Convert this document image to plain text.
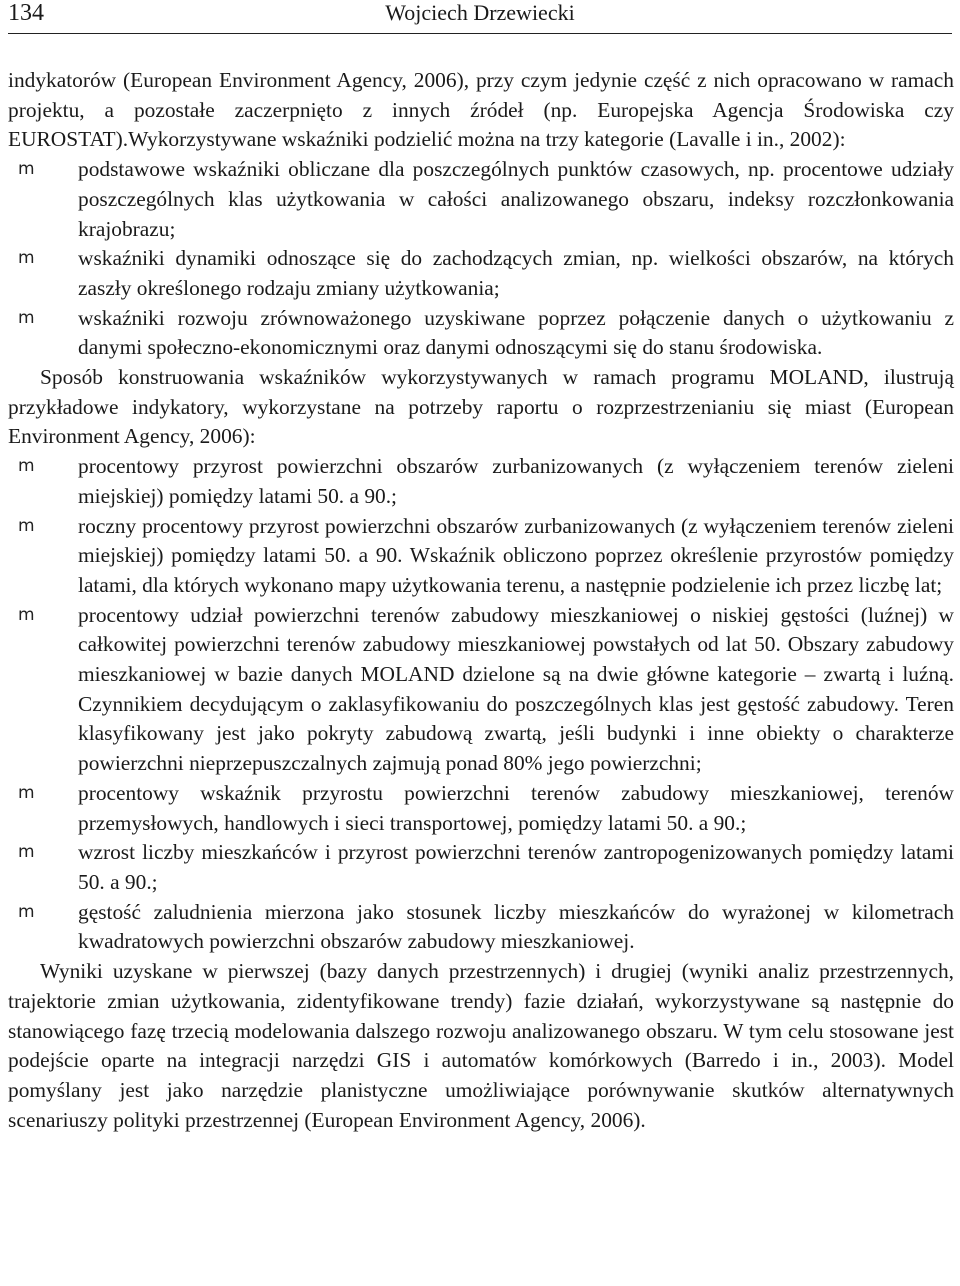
134	Wojciech Drzewiecki

indykatorów (European Environment Agency, 2006), przy czym jedynie część z nich opracowano w ramach projektu, a pozostałe zaczerpnięto z innych źródeł (np. Europejska Agencja Środowiska czy EUROSTAT).Wykorzystywane wskaźniki podzielić można na trzy kategorie (Lavalle i in., 2002):

m podstawowe wskaźniki obliczane dla poszczególnych punktów czasowych, np. procentowe udziały poszczególnych klas użytkowania w całości analizowanego obszaru, indeksy rozczłonkowania krajobrazu;
m wskaźniki dynamiki odnoszące się do zachodzących zmian, np. wielkości obszarów, na których zaszły określonego rodzaju zmiany użytkowania;
m wskaźniki rozwoju zrównoważonego uzyskiwane poprzez połączenie danych o użytkowaniu z danymi społeczno-ekonomicznymi oraz danymi odnoszącymi się do stanu środowiska.

Sposób konstruowania wskaźników wykorzystywanych w ramach programu MOLAND, ilustrują przykładowe indykatory, wykorzystane na potrzeby raportu o rozprzestrzenianiu się miast (European Environment Agency, 2006):

m procentowy przyrost powierzchni obszarów zurbanizowanych (z wyłączeniem terenów zieleni miejskiej) pomiędzy latami 50. a 90.;
m roczny procentowy przyrost powierzchni obszarów zurbanizowanych (z wyłączeniem terenów zieleni miejskiej) pomiędzy latami 50. a 90. Wskaźnik obliczono poprzez określenie przyrostów pomiędzy latami, dla których wykonano mapy użytkowania terenu, a następnie podzielenie ich przez liczbę lat;
m procentowy udział powierzchni terenów zabudowy mieszkaniowej o niskiej gęstości (luźnej) w całkowitej powierzchni terenów zabudowy mieszkaniowej powstałych od lat 50. Obszary zabudowy mieszkaniowej w bazie danych MOLAND dzielone są na dwie główne kategorie – zwartą i luźną. Czynnikiem decydującym o zaklasyfikowaniu do poszczególnych klas jest gęstość zabudowy. Teren klasyfikowany jest jako pokryty zabudową zwartą, jeśli budynki i inne obiekty o charakterze powierzchni nieprzepuszczalnych zajmują ponad 80% jego powierzchni;
m procentowy wskaźnik przyrostu powierzchni terenów zabudowy mieszkaniowej, terenów przemysłowych, handlowych i sieci transportowej, pomiędzy latami 50. a 90.;
m wzrost liczby mieszkańców i przyrost powierzchni terenów zantropogenizowanych pomiędzy latami 50. a 90.;
m gęstość zaludnienia mierzona jako stosunek liczby mieszkańców do wyrażonej w kilometrach kwadratowych powierzchni obszarów zabudowy mieszkaniowej.

Wyniki uzyskane w pierwszej (bazy danych przestrzennych) i drugiej (wyniki analiz przestrzennych, trajektorie zmian użytkowania, zidentyfikowane trendy) fazie działań, wykorzystywane są następnie do stanowiącego fazę trzecią modelowania dalszego rozwoju analizowanego obszaru. W tym celu stosowane jest podejście oparte na integracji narzędzi GIS i automatów komórkowych (Barredo i in., 2003). Model pomyślany jest jako narzędzie planistyczne umożliwiające porównywanie skutków alternatywnych scenariuszy polityki przestrzennej (European Environment Agency, 2006).
